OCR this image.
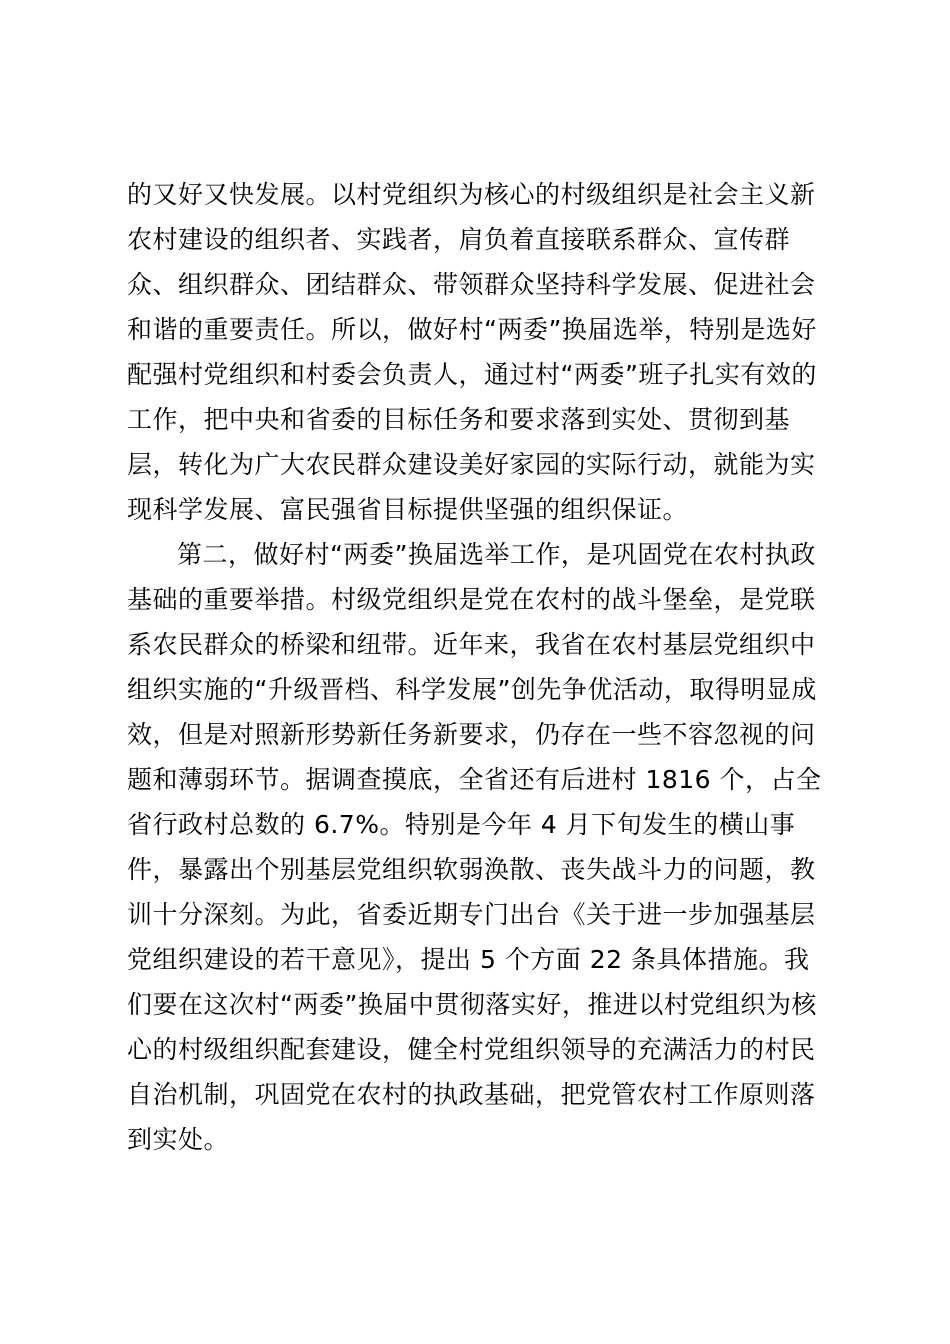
的又好又快发展。以村党组织为核心的村级组织是社会主义新
农村建设的组织者、实践者，肩负着直接联系群众、宣传群
众、组织群众、团结群众、带领群众坚持科学发展、促进社会
和谐的重要责任。所以，做好村“两委”换届选举，特别是选好
配强村党组织和村委会负责人，通过村“两委”班子扎实有效的
工作，把中央和省委的目标任务和要求落到实处、贯彻到基
层，转化为广大农民群众建设美好家园的实际行动，就能为实
现科学发展、富民强省目标提供坚强的组织保证。
第二，做好村“两委”换届选举工作，是巩固党在农村执政
基础的重要举措。村级党组织是党在农村的战斗堡垒，是党联
系农民群众的桥梁和纽带。近年来，我省在农村基层党组织中
组织实施的“升级晋档、科学发展”创先争优活动，取得明显成
效，但是对照新形势新任务新要求，仍存在一些不容忽视的问
题和薄弱环节。据调查摸底，全省还有后进村 1816 个，占全
省行政村总数的 6.7%。特别是今年 4 月下旬发生的横山事
件，暴露出个别基层党组织软弱涣散、丧失战斗力的问题，教
训十分深刻。为此，省委近期专门出台《关于进一步加强基层
党组织建设的若干意见》，提出 5 个方面 22 条具体措施。我
们要在这次村“两委”换届中贯彻落实好，推进以村党组织为核
心的村级组织配套建设，健全村党组织领导的充满活力的村民
自治机制，巩固党在农村的执政基础，把党管农村工作原则落
到实处。
